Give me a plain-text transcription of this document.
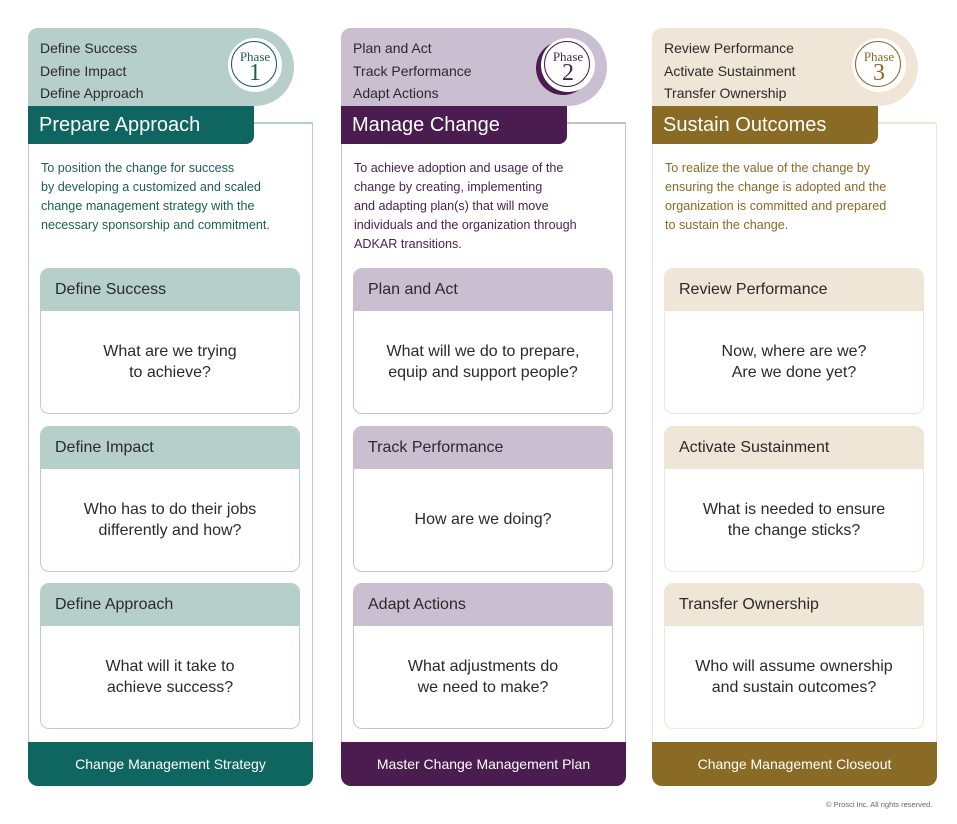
Define Success
Define Impact
Define Approach
Phase
1
Prepare Approach
To position the change for success
by developing a customized and scaled
change management strategy with the
necessary sponsorship and commitment.
Define Success
What are we trying
to achieve?
Define Impact
Who has to do their jobs
differently and how?
Define Approach
What will it take to
achieve success?
Change Management Strategy
Plan and Act
Track Performance
Adapt Actions
Phase
2
Manage Change
To achieve adoption and usage of the
change by creating, implementing
and adapting plan(s) that will move
individuals and the organization through
ADKAR transitions.
Plan and Act
What will we do to prepare,
equip and support people?
Track Performance
How are we doing?
Adapt Actions
What adjustments do
we need to make?
Master Change Management Plan
Review Performance
Activate Sustainment
Transfer Ownership
Phase
3
Sustain Outcomes
To realize the value of the change by
ensuring the change is adopted and the
organization is committed and prepared
to sustain the change.
Review Performance
Now, where are we?
Are we done yet?
Activate Sustainment
What is needed to ensure
the change sticks?
Transfer Ownership
Who will assume ownership
and sustain outcomes?
Change Management Closeout
© Prosci Inc. All rights reserved.
